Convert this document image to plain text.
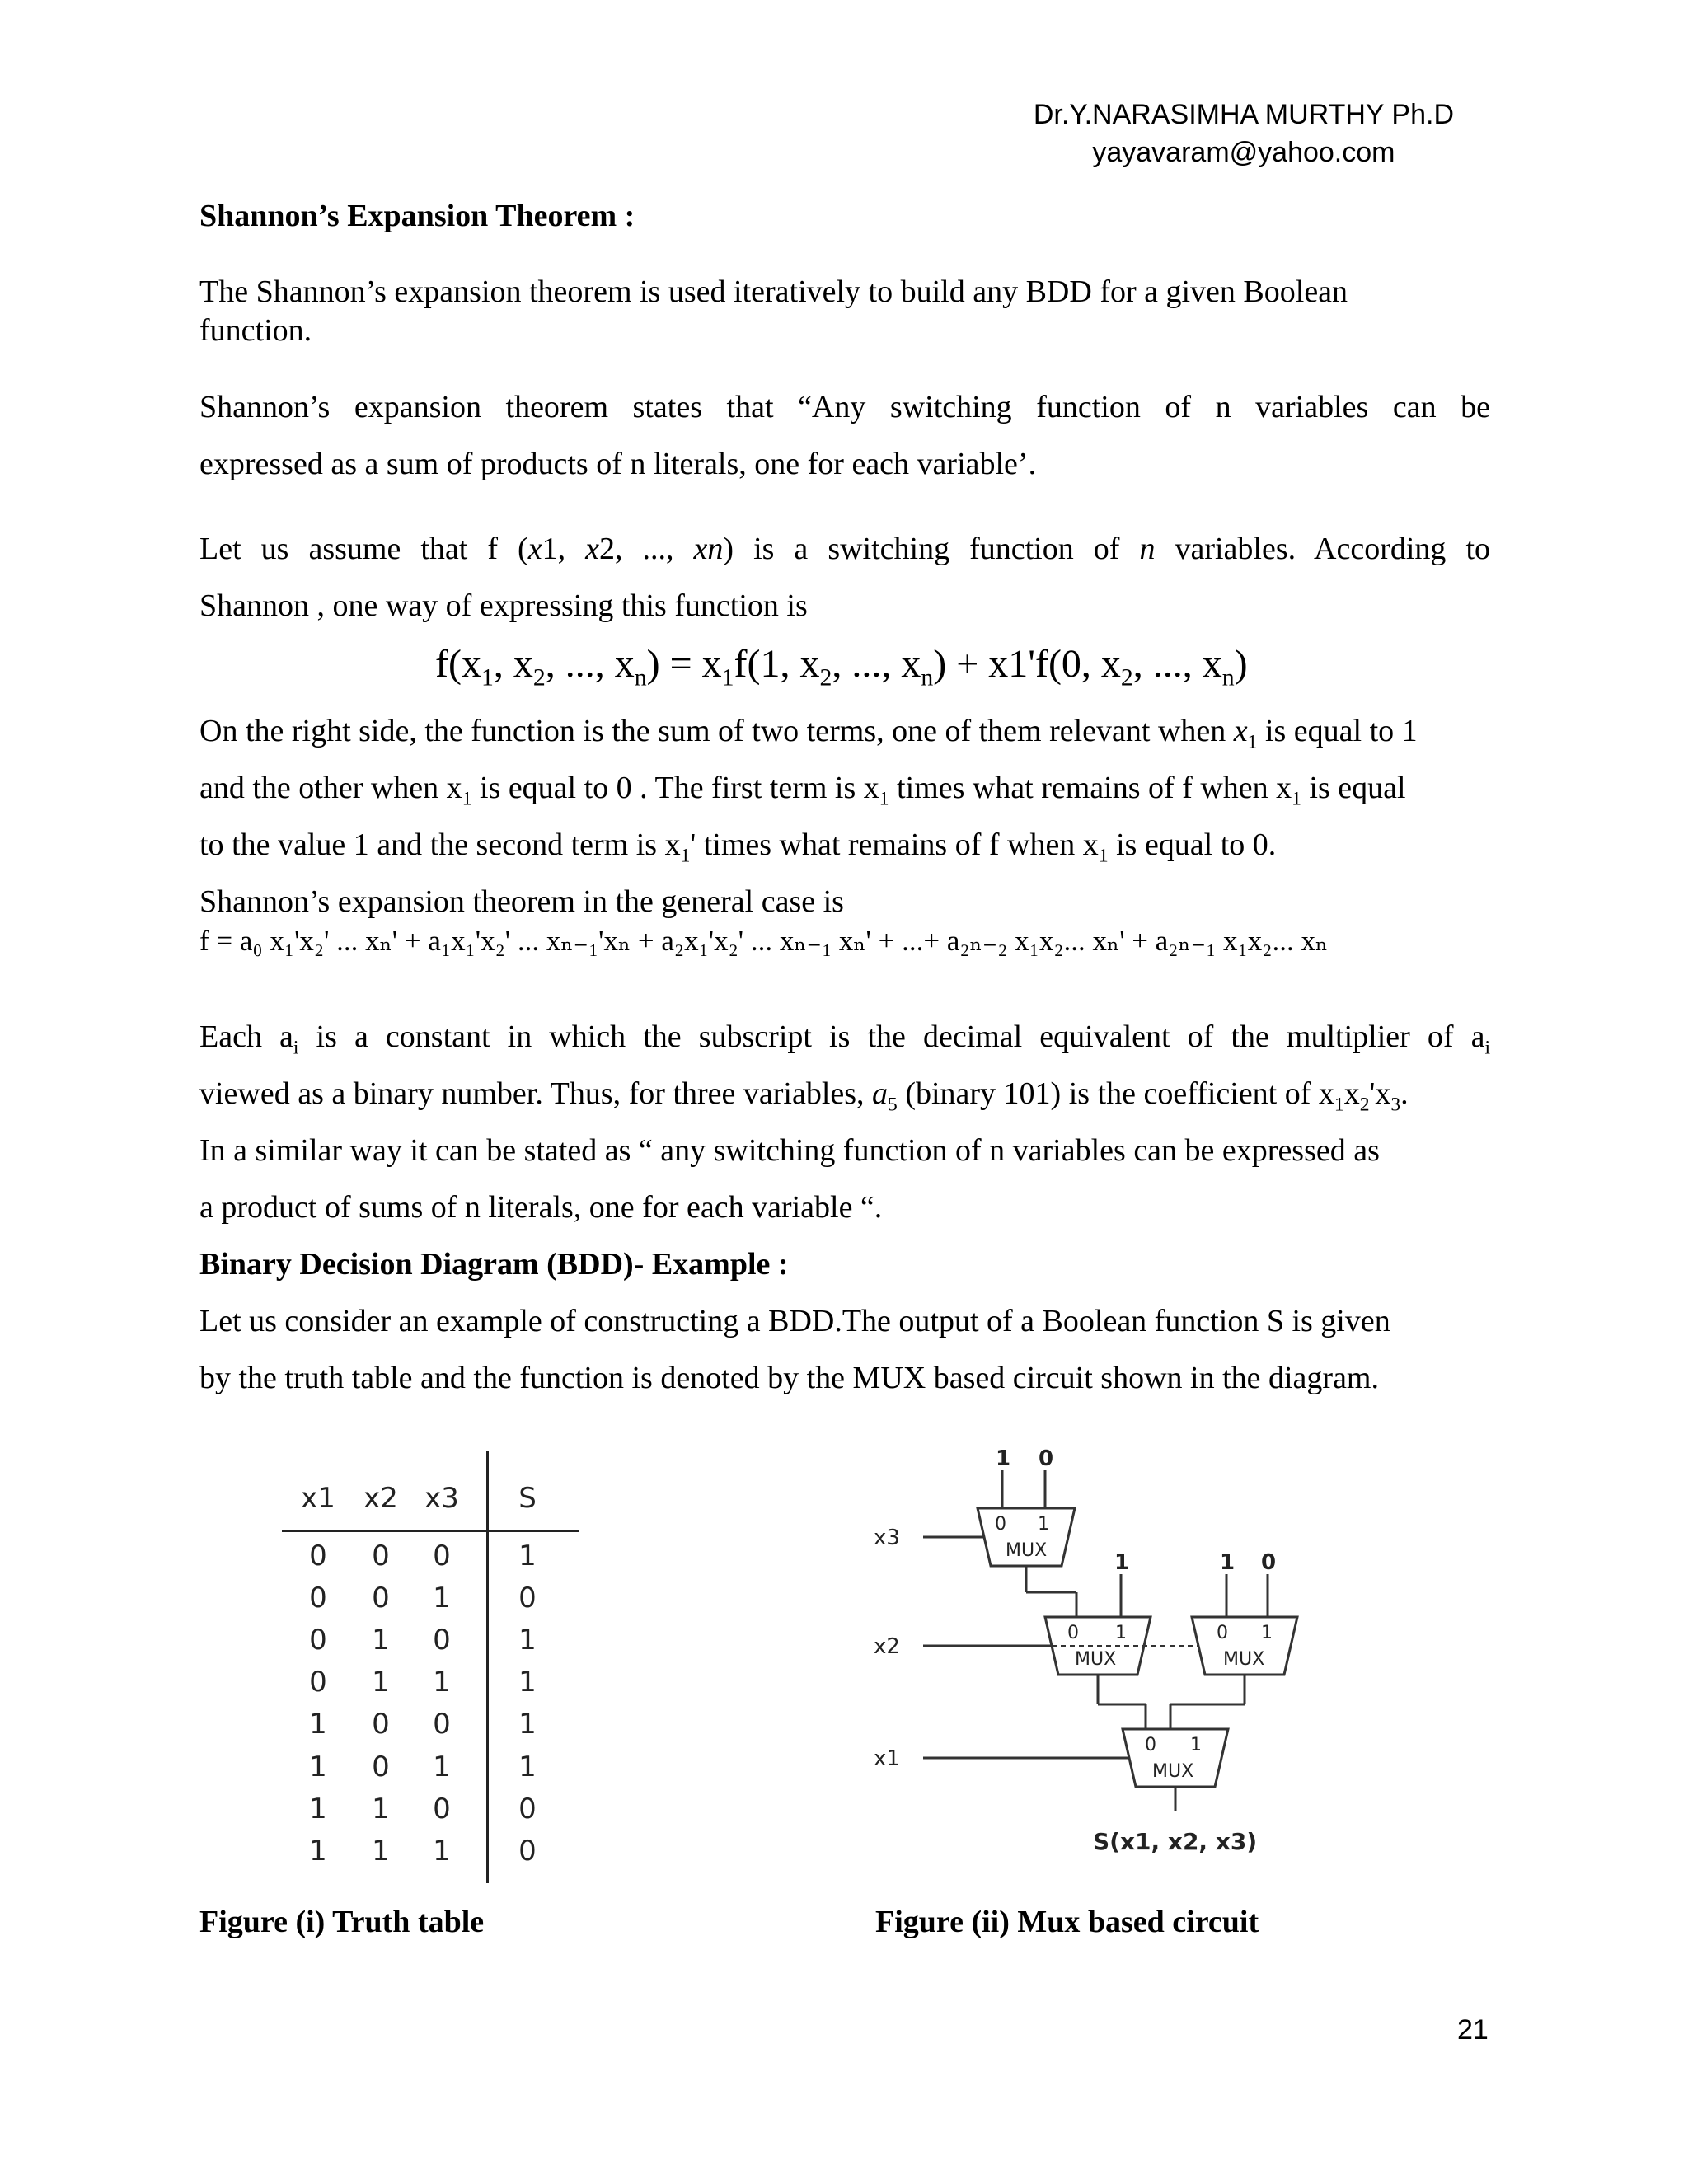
Dr.Y.NARASIMHA MURTHY Ph.D
yayavaram@yahoo.com
Shannon’s Expansion Theorem :
The Shannon’s expansion theorem is used iteratively to build any BDD for a given Boolean
function.
Shannon’s expansion theorem states that “Any switching function of n variables can be
expressed as a sum of products of n literals, one for each variable’.
Let us assume that f (x1, x2, ..., xn) is a switching function of n variables. According to
Shannon , one way of expressing this function is
$f(x_1$, $x_2$, ..., $x_n) = x_1f(1$, $x_2$, ..., $x_n) + x1'f(0$, $x_2$, ..., $x_n$)
On the right side, the function is the sum of two terms, one of them relevant when $x_1$ is equal to 1
and the other when $x_1$ is equal to 0 . The first term is $x_1$ times what remains of f when $x_1$ is equal
to the value 1 and the second term is $x_1'$ times what remains of f when $x_1$ is equal to 0.
Shannon’s expansion theorem in the general case is
f = a₀ x₁'x₂' ... xₙ' + a₁x₁'x₂' ... xₙ₋₁'xₙ + a₂x₁'x₂' ... xₙ₋₁ xₙ' + ...+ a₂ₙ₋₂ x₁x₂... xₙ' + a₂ₙ₋₁ x₁x₂... xₙ
Each $a_i$ is a constant in which the subscript is the decimal equivalent of the multiplier of $a_i$
viewed as a binary number. Thus, for three variables, $a_5$ (binary 101) is the coefficient of $x_1x_2'x_3$.
In a similar way it can be stated as “ any switching function of n variables can be expressed as
a product of sums of n literals, one for each variable “.
Binary Decision Diagram (BDD)- Example :
Let us consider an example of constructing a BDD.The output of a Boolean function S is given
by the truth table and the function is denoted by the MUX based circuit shown in the diagram.
x1 x2 x3	S
0	0	0	1
0	0	1	0
0	1	0	1
0	1	1	1
1	0	0	1
1	0	1	1
1	1	0	0
1	1	1	0
1 0
1	1 0
S(x1, x2, x3)
x3
x2
x1
0 1
MUX
0 1
MUX
0 1
MUX
0 1
MUX
Figure (i) Truth table	Figure (ii) Mux based circuit
21
